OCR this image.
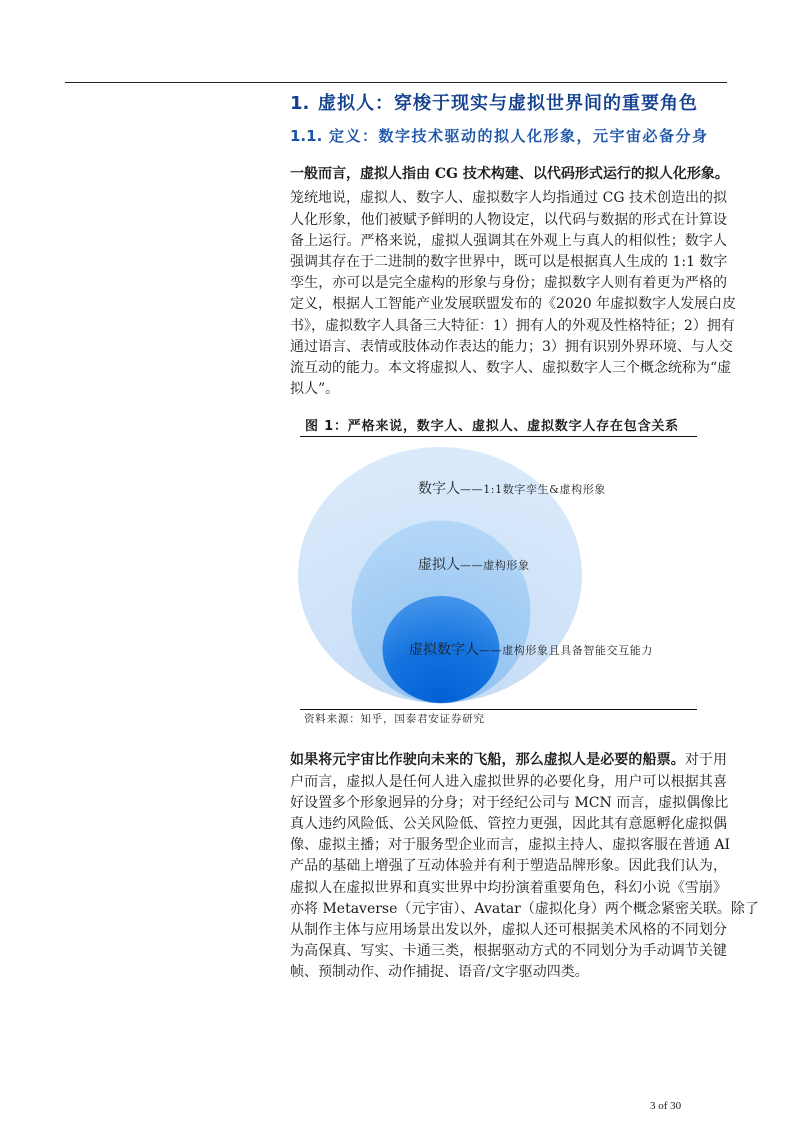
1. 虚拟人：穿梭于现实与虚拟世界间的重要角色
1.1. 定义：数字技术驱动的拟人化形象，元宇宙必备分身
一般而言，虚拟人指由 CG 技术构建、以代码形式运行的拟人化形象。
笼统地说，虚拟人、数字人、虚拟数字人均指通过 CG 技术创造出的拟
人化形象，他们被赋予鲜明的人物设定，以代码与数据的形式在计算设
备上运行。严格来说，虚拟人强调其在外观上与真人的相似性；数字人
强调其存在于二进制的数字世界中，既可以是根据真人生成的 1:1 数字
孪生，亦可以是完全虚构的形象与身份；虚拟数字人则有着更为严格的
定义，根据人工智能产业发展联盟发布的《2020 年虚拟数字人发展白皮
书》，虚拟数字人具备三大特征：1）拥有人的外观及性格特征；2）拥有
通过语言、表情或肢体动作表达的能力；3）拥有识别外界环境、与人交
流互动的能力。本文将虚拟人、数字人、虚拟数字人三个概念统称为“虚
拟人”。
图 1：严格来说，数字人、虚拟人、虚拟数字人存在包含关系
数字人——1:1数字孪生&虚构形象
虚拟人——虚构形象
虚拟数字人——虚构形象且具备智能交互能力
资料来源：知乎，国泰君安证券研究
如果将元宇宙比作驶向未来的飞船，那么虚拟人是必要的船票。对于用
户而言，虚拟人是任何人进入虚拟世界的必要化身，用户可以根据其喜
好设置多个形象迥异的分身；对于经纪公司与 MCN 而言，虚拟偶像比
真人违约风险低、公关风险低、管控力更强，因此其有意愿孵化虚拟偶
像、虚拟主播；对于服务型企业而言，虚拟主持人、虚拟客服在普通 AI
产品的基础上增强了互动体验并有利于塑造品牌形象。因此我们认为，
虚拟人在虚拟世界和真实世界中均扮演着重要角色，科幻小说《雪崩》
亦将 Metaverse（元宇宙）、Avatar（虚拟化身）两个概念紧密关联。除了
从制作主体与应用场景出发以外，虚拟人还可根据美术风格的不同划分
为高保真、写实、卡通三类，根据驱动方式的不同划分为手动调节关键
帧、预制动作、动作捕捉、语音/文字驱动四类。
3 of 30
